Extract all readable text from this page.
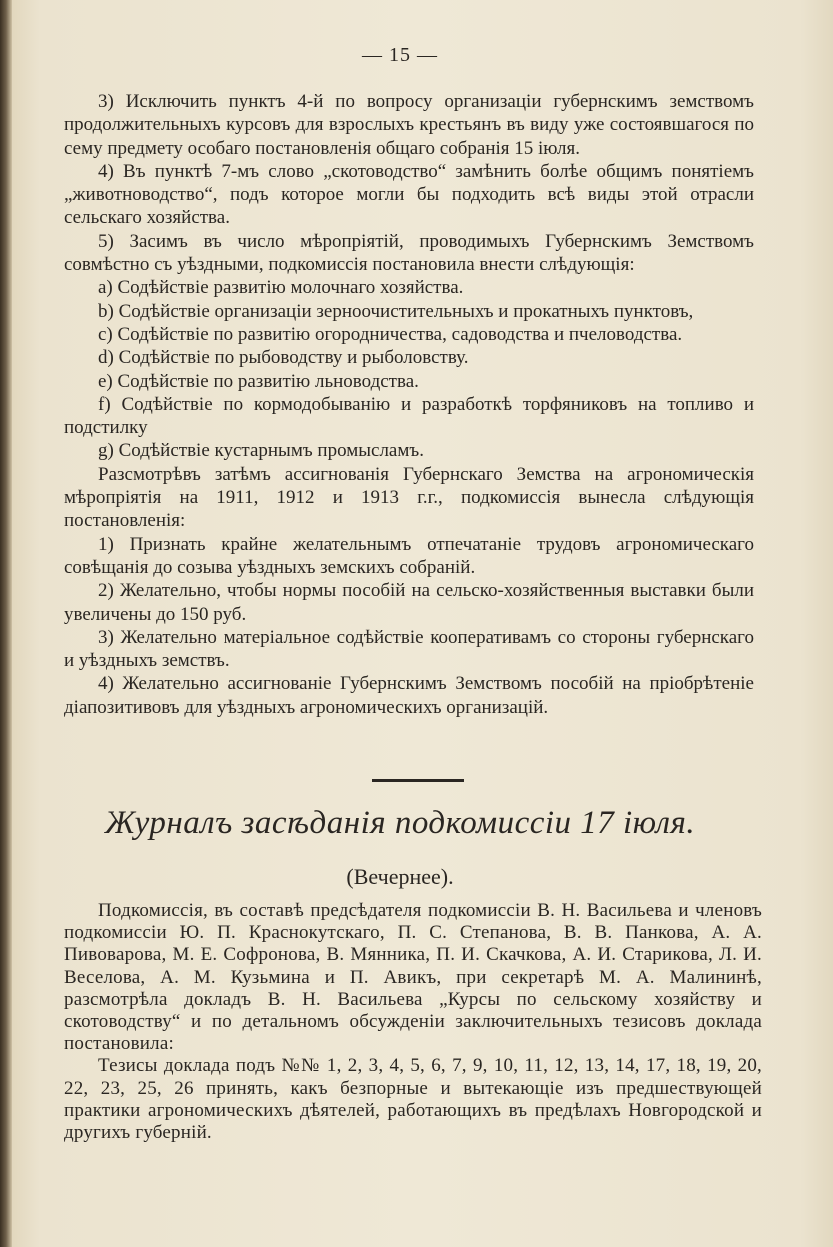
— 15 —

3) Исключить пунктъ 4-й по вопросу организацiи губернскимъ земствомъ продолжительныхъ курсовъ для взрослыхъ крестьянъ въ виду уже состоявшагося по сему предмету особаго постановленiя общаго собранiя 15 iюля.

4) Въ пунктѣ 7-мъ слово „скотоводство“ замѣнить болѣе общимъ понятiемъ „животноводство“, подъ которое могли бы подходить всѣ виды этой отрасли сельскаго хозяйства.

5) Засимъ въ число мѣропрiятiй, проводимыхъ Губернскимъ Земствомъ совмѣстно съ уѣздными, подкомиссiя постановила внести слѣдующiя:

а) Содѣйствiе развитiю молочнаго хозяйства.

b) Содѣйствiе организацiи зерноочистительныхъ и прокатныхъ пунктовъ,

c) Содѣйствiе по развитiю огородничества, садоводства и пчеловодства.

d) Содѣйствiе по рыбоводству и рыболовству.

e) Содѣйствiе по развитiю льноводства.

f) Содѣйствiе по кормодобыванiю и разработкѣ торфяниковъ на топливо и подстилку

g) Содѣйствiе кустарнымъ промысламъ.

Разсмотрѣвъ затѣмъ ассигнованiя Губернскаго Земства на агрономическiя мѣропрiятiя на 1911, 1912 и 1913 г.г., подкомиссiя вынесла слѣдующiя постановленiя:

1) Признать крайне желательнымъ отпечатанiе трудовъ агрономическаго совѣщанiя до созыва уѣздныхъ земскихъ собранiй.

2) Желательно, чтобы нормы пособiй на сельско-хозяйственныя выставки были увеличены до 150 руб.

3) Желательно матерiальное содѣйствiе кооперативамъ со стороны губернскаго и уѣздныхъ земствъ.

4) Желательно ассигнованiе Губернскимъ Земствомъ пособiй на прiобрѣтенiе дiапозитивовъ для уѣздныхъ агрономическихъ организацiй.

Журналъ засѣданiя подкомиссiи 17 iюля.
(Вечернее).

Подкомиссiя, въ составѣ предсѣдателя подкомиссiи В. Н. Васильева и членовъ подкомиссiи Ю. П. Краснокутскаго, П. С. Степанова, В. В. Панкова, А. А. Пивоварова, М. Е. Софронова, В. Мянника, П. И. Скачкова, А. И. Старикова, Л. И. Веселова, А. М. Кузьмина и П. Авикъ, при секретарѣ М. А. Малининѣ, разсмотрѣла докладъ В. Н. Васильева „Курсы по сельскому хозяйству и скотоводству“ и по детальномъ обсужденiи заключительныхъ тезисовъ доклада постановила:

Тезисы доклада подъ №№ 1, 2, 3, 4, 5, 6, 7, 9, 10, 11, 12, 13, 14, 17, 18, 19, 20, 22, 23, 25, 26 принять, какъ безпорные и вытекающiе изъ предшествующей практики агрономическихъ дѣятелей, работающихъ въ предѣлахъ Новгородской и другихъ губернiй.
